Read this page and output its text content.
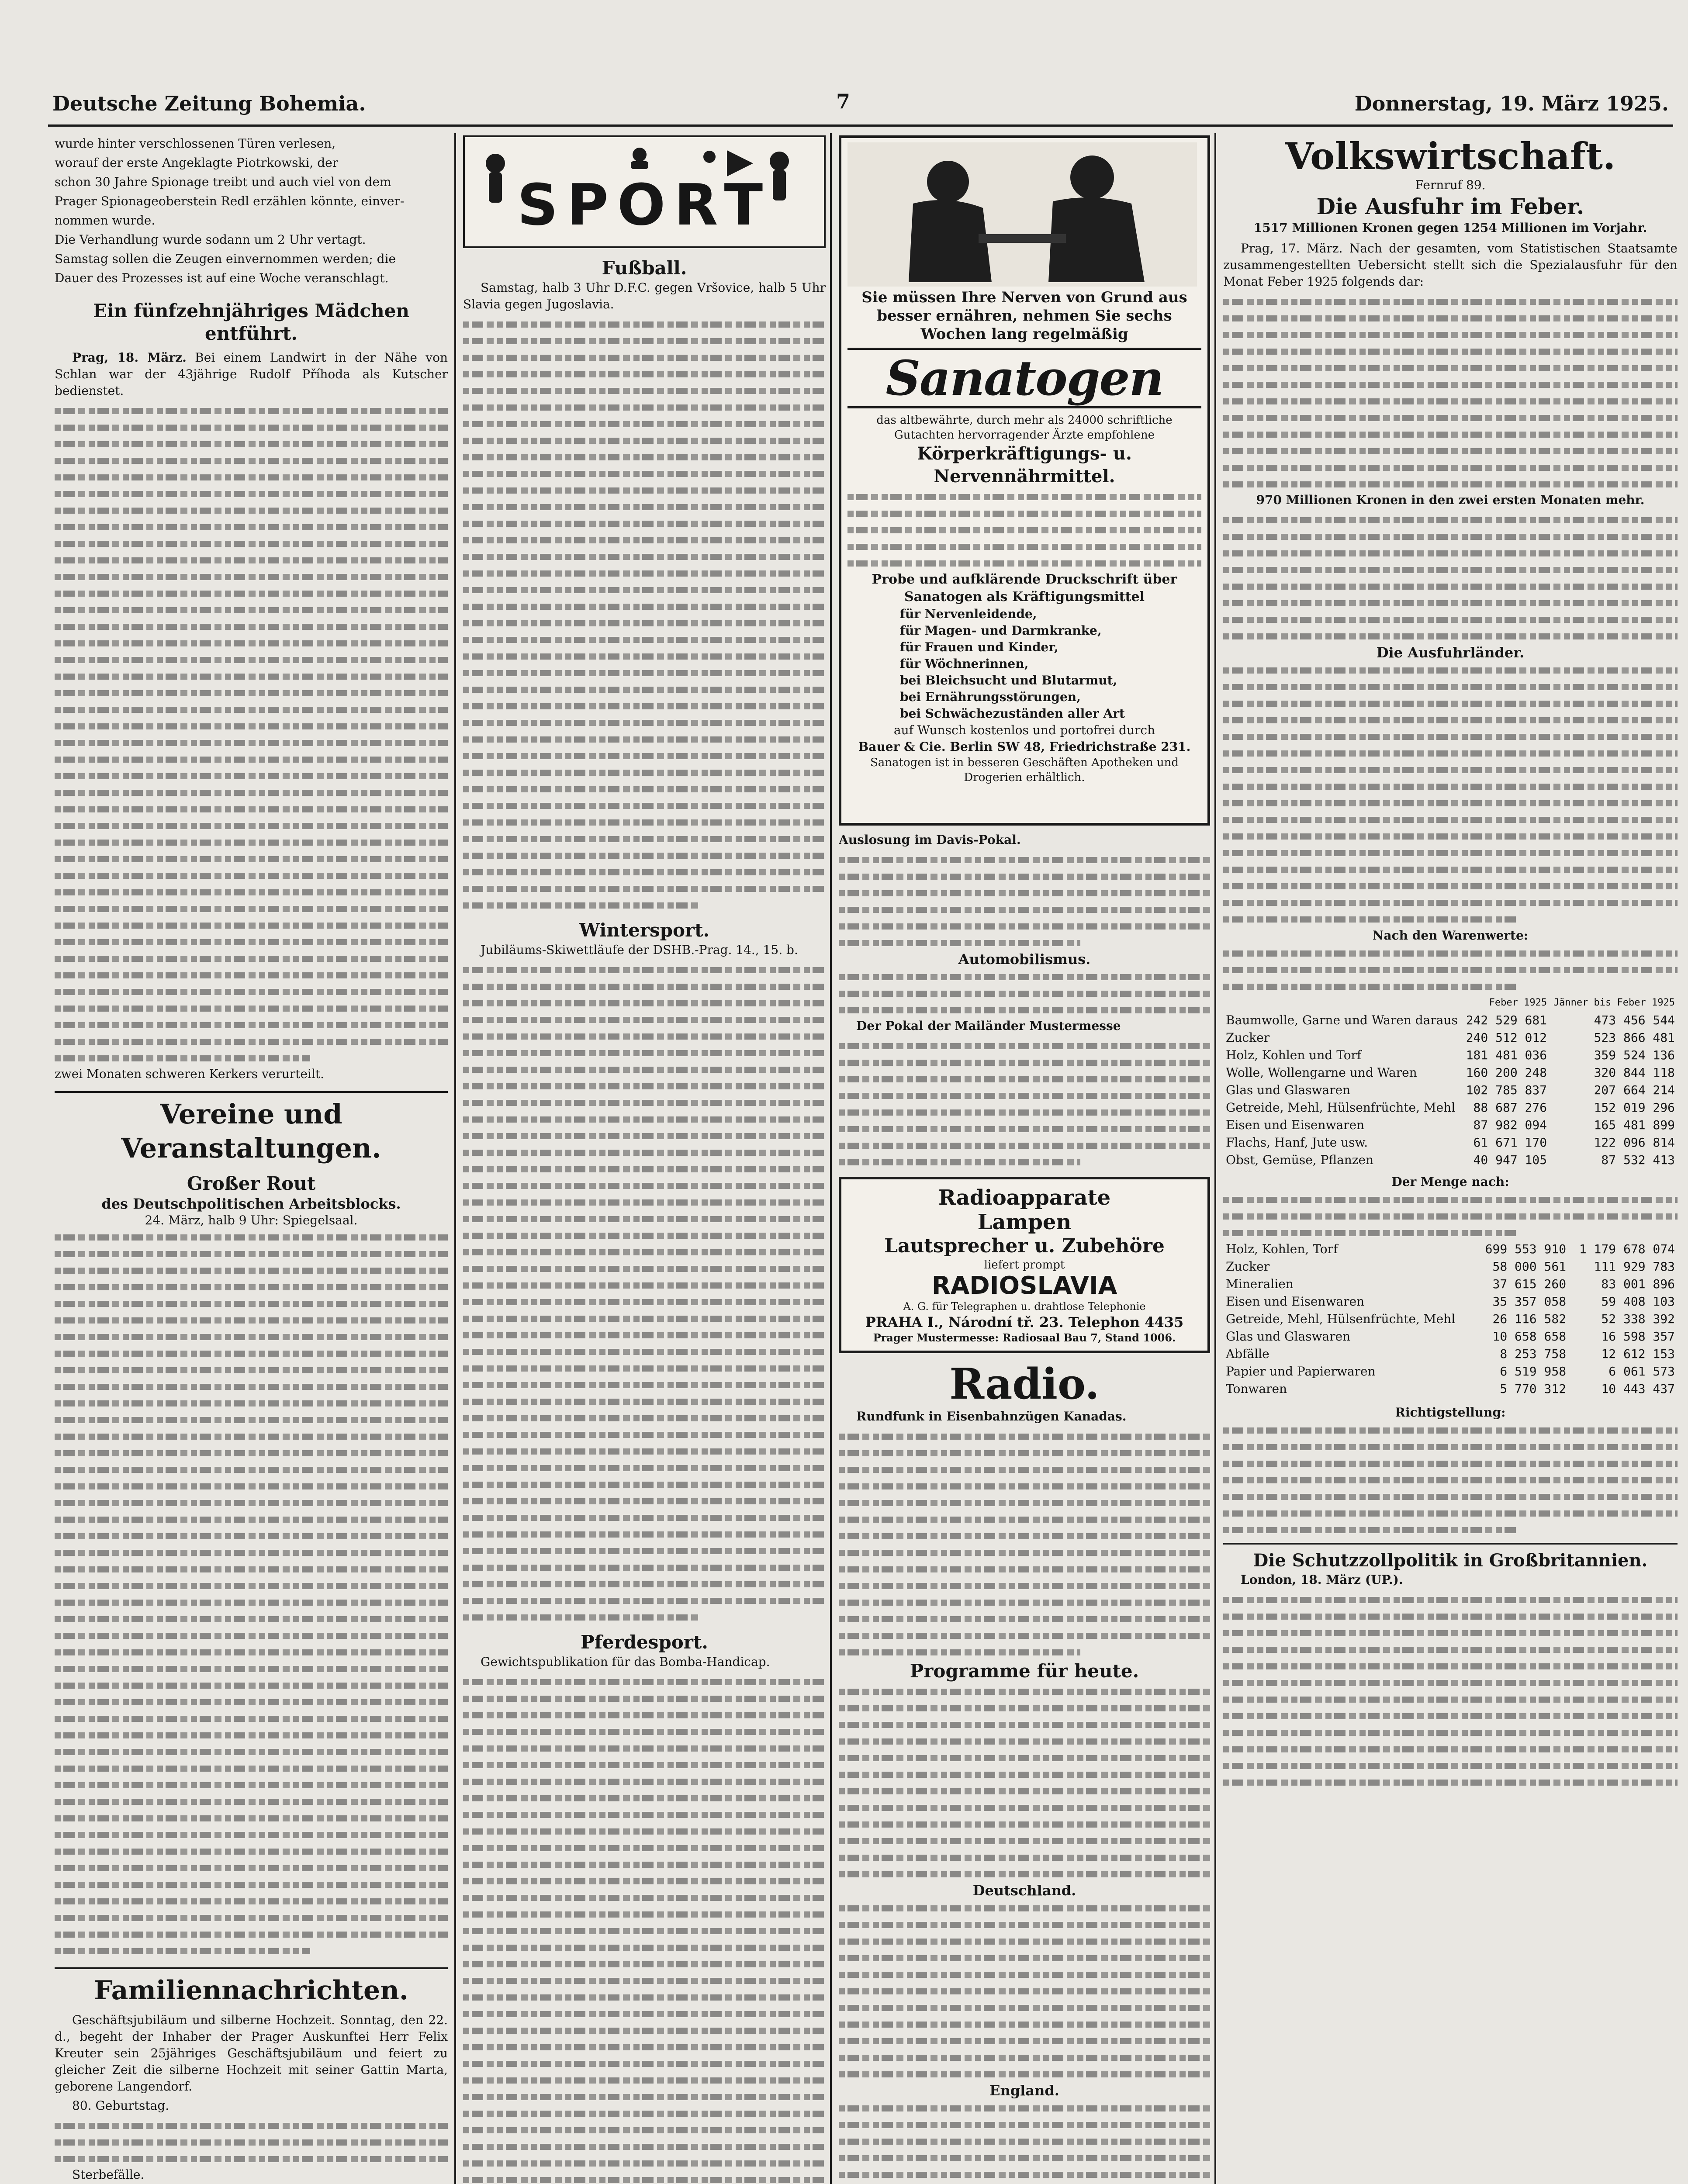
Deutsche Zeitung Bohemia.	7	Donnerstag, 19. März 1925.

wurde hinter verschlossenen Türen verlesen,

worauf der erste Angeklagte Piotrkowski, der

schon 30 Jahre Spionage treibt und auch viel von dem

Prager Spionageoberstein Redl erzählen könnte, einver-

nommen wurde.

Die Verhandlung wurde sodann um 2 Uhr vertagt.

Samstag sollen die Zeugen einvernommen werden; die

Dauer des Prozesses ist auf eine Woche veranschlagt.

Ein fünfzehnjähriges Mädchen entführt.

Prag, 18. März. Bei einem Landwirt in der Nähe von Schlan war der 43jährige Rudolf Příhoda als Kutscher bedienstet.

zwei Monaten schweren Kerkers verurteilt.

Vereine und Veranstaltungen.

Großer Rout

des Deutschpolitischen Arbeitsblocks.

24. März, halb 9 Uhr: Spiegelsaal.

Familiennachrichten.

Geschäftsjubiläum und silberne Hochzeit. Sonntag, den 22. d., begeht der Inhaber der Prager Auskunftei Herr Felix Kreuter sein 25jähriges Geschäftsjubiläum und feiert zu gleicher Zeit die silberne Hochzeit mit seiner Gattin Marta, geborene Langendorf.

80. Geburtstag.

Sterbefälle.

SPORT

Fußball.

Samstag, halb 3 Uhr D.F.C. gegen Vršovice, halb 5 Uhr Slavia gegen Jugoslavia.

Wintersport.

Jubiläums-Skiwettläufe der DSHB.-Prag. 14., 15. b.

Pferdesport.

Gewichtspublikation für das Bomba-Handicap.

Sie müssen Ihre Nerven von Grund aus

besser ernähren, nehmen Sie sechs

Wochen lang regelmäßig

Sanatogen

das altbewährte, durch mehr als 24000 schriftliche

Gutachten hervorragender Ärzte empfohlene

Körperkräftigungs- u. Nervennährmittel.

Probe und aufklärende Druckschrift über

Sanatogen als Kräftigungsmittel

für Nervenleidende,

für Magen- und Darmkranke,

für Frauen und Kinder,

für Wöchnerinnen,

bei Bleichsucht und Blutarmut,

bei Ernährungsstörungen,

bei Schwächezuständen aller Art

auf Wunsch kostenlos und portofrei durch

Bauer & Cie. Berlin SW 48, Friedrichstraße 231.

Sanatogen ist in besseren Geschäften Apotheken und Drogerien erhältlich.

Auslosung im Davis-Pokal.

Automobilismus.

Der Pokal der Mailänder Mustermesse

Radioapparate

Lampen

Lautsprecher u. Zubehöre

liefert prompt

RADIOSLAVIA

A. G. für Telegraphen u. drahtlose Telephonie

PRAHA I., Národní tř. 23. Telephon 4435

Prager Mustermesse: Radiosaal Bau 7, Stand 1006.

Radio.

Rundfunk in Eisenbahnzügen Kanadas.

Programme für heute.

Deutschland.

England.

Volkswirtschaft.

Fernruf 89.

Die Ausfuhr im Feber.

1517 Millionen Kronen gegen 1254 Millionen im Vorjahr.

Prag, 17. März. Nach der gesamten, vom Statistischen Staatsamte zusammengestellten Uebersicht stellt sich die Spezialausfuhr für den Monat Feber 1925 folgends dar:

970 Millionen Kronen in den zwei ersten Monaten mehr.

Die Ausfuhrländer.

Nach den Warenwerte:

	Feber 1925	Jänner bis Feber 1925
Baumwolle, Garne und Waren daraus	242 529 681	473 456 544
Zucker	240 512 012	523 866 481
Holz, Kohlen und Torf	181 481 036	359 524 136
Wolle, Wollengarne und Waren	160 200 248	320 844 118
Glas und Glaswaren	102 785 837	207 664 214
Getreide, Mehl, Hülsenfrüchte, Mehl	88 687 276	152 019 296
Eisen und Eisenwaren	87 982 094	165 481 899
Flachs, Hanf, Jute usw.	61 671 170	122 096 814
Obst, Gemüse, Pflanzen	40 947 105	87 532 413

Der Menge nach:

Holz, Kohlen, Torf	699 553 910	1 179 678 074
Zucker	58 000 561	111 929 783
Mineralien	37 615 260	83 001 896
Eisen und Eisenwaren	35 357 058	59 408 103
Getreide, Mehl, Hülsenfrüchte, Mehl	26 116 582	52 338 392
Glas und Glaswaren	10 658 658	16 598 357
Abfälle	8 253 758	12 612 153
Papier und Papierwaren	6 519 958	6 061 573
Tonwaren	5 770 312	10 443 437

Richtigstellung:

Die Schutzzollpolitik in Großbritannien.

London, 18. März (UP.).
